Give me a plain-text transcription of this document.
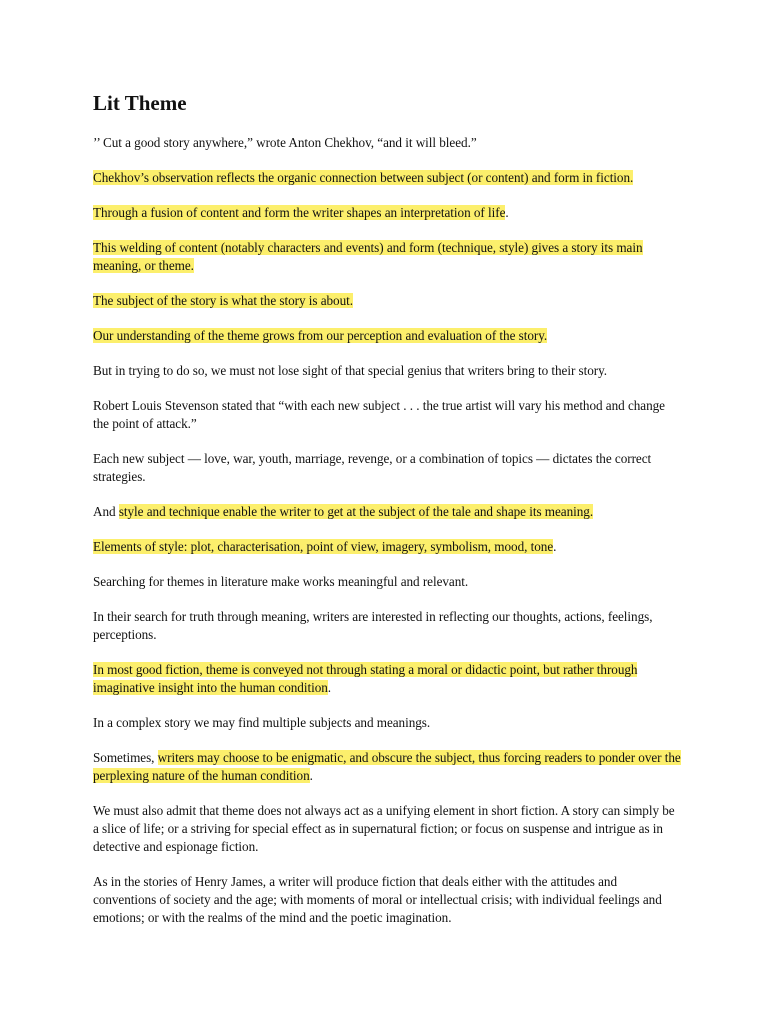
Lit Theme

’’ Cut a good story anywhere,” wrote Anton Chekhov, “and it will bleed.”

Chekhov’s observation reflects the organic connection between subject (or content) and form in fiction.

Through a fusion of content and form the writer shapes an interpretation of life.

This welding of content (notably characters and events) and form (technique, style) gives a story its main meaning, or theme.

The subject of the story is what the story is about.

Our understanding of the theme grows from our perception and evaluation of the story.

But in trying to do so, we must not lose sight of that special genius that writers bring to their story.

Robert Louis Stevenson stated that “with each new subject . . . the true artist will vary his method and change the point of attack.”

Each new subject — love, war, youth, marriage, revenge, or a combination of topics — dictates the correct strategies.

And style and technique enable the writer to get at the subject of the tale and shape its meaning.

Elements of style: plot, characterisation, point of view, imagery, symbolism, mood, tone.

Searching for themes in literature make works meaningful and relevant.

In their search for truth through meaning, writers are interested in reflecting our thoughts, actions, feelings, perceptions.

In most good fiction, theme is conveyed not through stating a moral or didactic point, but rather through imaginative insight into the human condition.

In a complex story we may find multiple subjects and meanings.

Sometimes, writers may choose to be enigmatic, and obscure the subject, thus forcing readers to ponder over the perplexing nature of the human condition.

We must also admit that theme does not always act as a unifying element in short fiction. A story can simply be a slice of life; or a striving for special effect as in supernatural fiction; or focus on suspense and intrigue as in detective and espionage fiction.

As in the stories of Henry James, a writer will produce fiction that deals either with the attitudes and conventions of society and the age; with moments of moral or intellectual crisis; with individual feelings and emotions; or with the realms of the mind and the poetic imagination.
